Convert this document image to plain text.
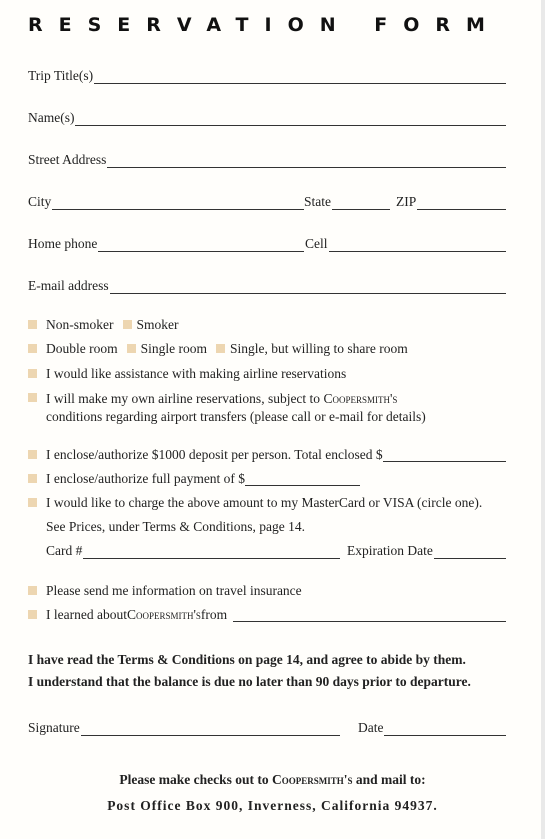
RESERVATION FORM
Trip Title(s)
Name(s)
Street Address
City	State	ZIP
Home phone	Cell
E-mail address
Non-smoker Smoker
Double room Single room Single, but willing to share room
I would like assistance with making airline reservations
I will make my own airline reservations, subject to Coopersmith's
conditions regarding airport transfers (please call or e-mail for details)
I enclose/authorize $1000 deposit per person. Total enclosed $
I enclose/authorize full payment of $
I would like to charge the above amount to my MasterCard or VISA (circle one).
See Prices, under Terms & Conditions, page 14.
Card #	Expiration Date
Please send me information on travel insurance
I learned about Coopersmith's from
I have read the Terms & Conditions on page 14, and agree to abide by them.
I understand that the balance is due no later than 90 days prior to departure.
Signature	Date
Please make checks out to Coopersmith's and mail to:
Post Office Box 900, Inverness, California 94937.
